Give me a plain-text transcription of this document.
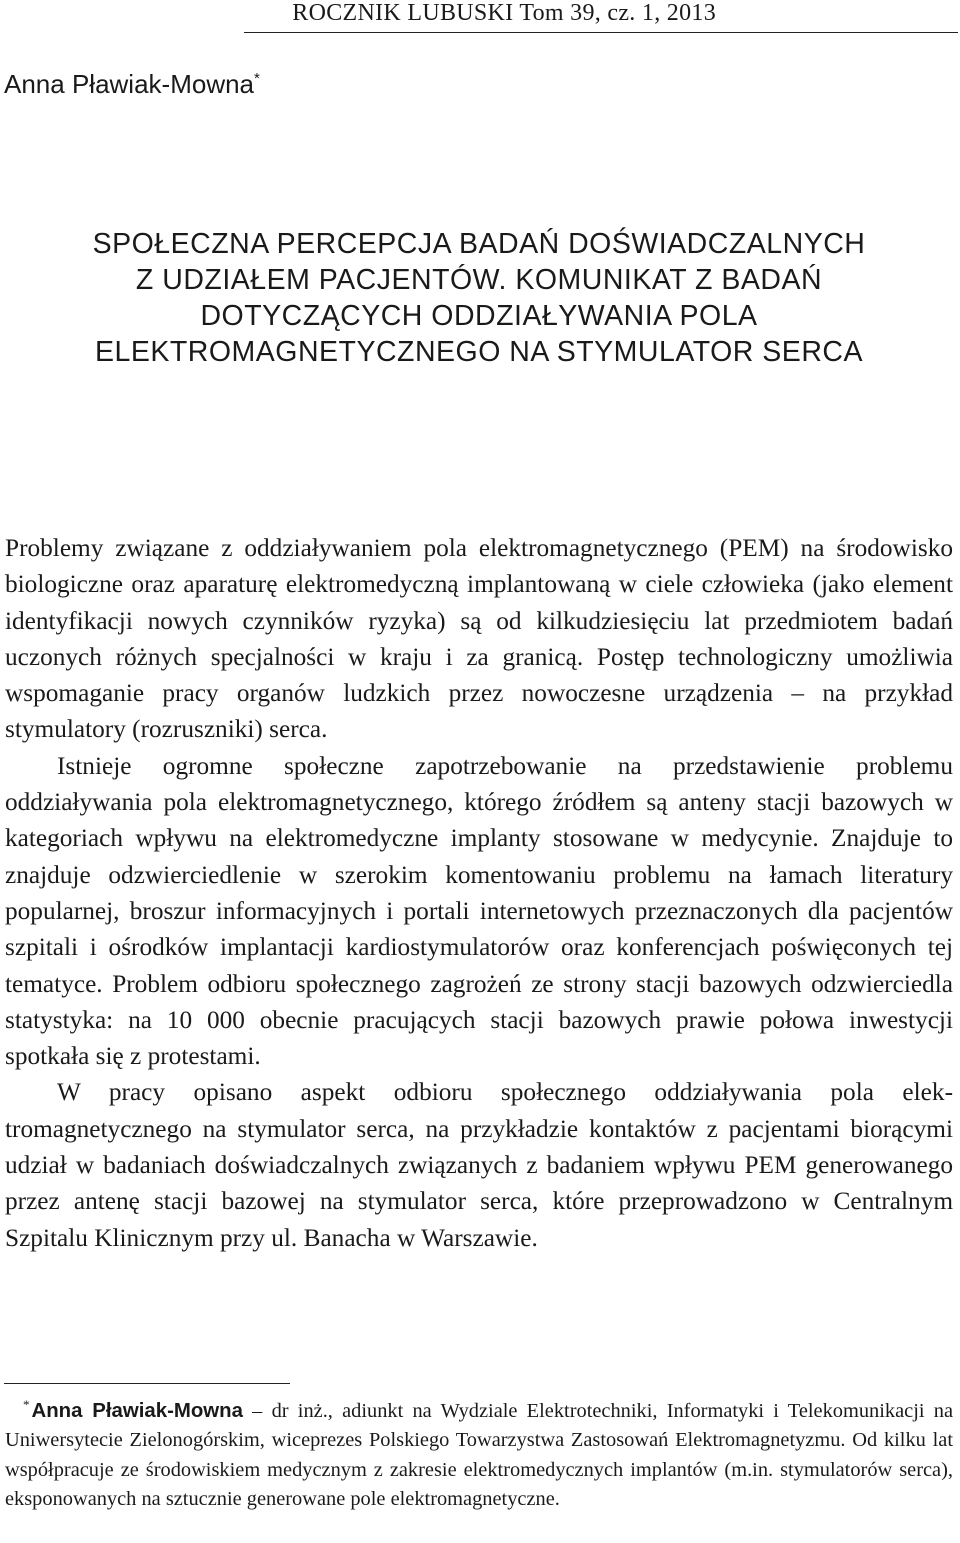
ROCZNIK LUBUSKI Tom 39, cz. 1, 2013
Anna Pławiak-Mowna*
SPOŁECZNA PERCEPCJA BADAŃ DOŚWIADCZALNYCH
Z UDZIAŁEM PACJENTÓW. KOMUNIKAT Z BADAŃ
DOTYCZĄCYCH ODDZIAŁYWANIA POLA
ELEKTROMAGNETYCZNEGO NA STYMULATOR SERCA

Problemy związane z oddziaływaniem pola elektromagnetycznego (PEM) na środowisko biologiczne oraz aparaturę elektromedyczną implantowaną w ciele człowieka (jako element identyfikacji nowych czynników ryzyka) są od kilkudziesięciu lat przedmiotem badań uczonych różnych specjalności w kraju i za granicą. Postęp technologiczny umożliwia wspomaganie pracy organów ludzkich przez nowoczesne urządzenia – na przykład stymulatory (rozruszniki) serca.

Istnieje ogromne społeczne zapotrzebowanie na przedstawienie problemu oddziaływania pola elektromagnetycznego, którego źródłem są anteny stacji bazowych w kategoriach wpływu na elektromedyczne implanty stosowane w medycynie. Znajduje to znajduje odzwierciedlenie w szerokim komentowaniu problemu na łamach literatury popularnej, broszur informacyjnych i portali internetowych przeznaczonych dla pacjentów szpitali i ośrodków implantacji kardiostymulatorów oraz konferencjach poświęconych tej tematyce. Problem odbioru społecznego zagrożeń ze strony stacji bazowych odzwierciedla statystyka: na 10 000 obecnie pracujących stacji bazowych prawie połowa inwestycji spotkała się z protestami.

W pracy opisano aspekt odbioru społecznego oddziaływania pola elektromagnetycznego na stymulator serca, na przykładzie kontaktów z pacjentami biorącymi udział w badaniach doświadczalnych związanych z badaniem wpływu PEM generowanego przez antenę stacji bazowej na stymulator serca, które przeprowadzono w Centralnym Szpitalu Klinicznym przy ul. Banacha w Warszawie.

*Anna Pławiak-Mowna – dr inż., adiunkt na Wydziale Elektrotechniki, Informatyki i Telekomunikacji na Uniwersytecie Zielonogórskim, wiceprezes Polskiego Towarzystwa Zastosowań Elektromagnetyzmu. Od kilku lat współpracuje ze środowiskiem medycznym z zakresie elektromedycznych implantów (m.in. stymulatorów serca), eksponowanych na sztucznie generowane pole elektromagnetyczne.
